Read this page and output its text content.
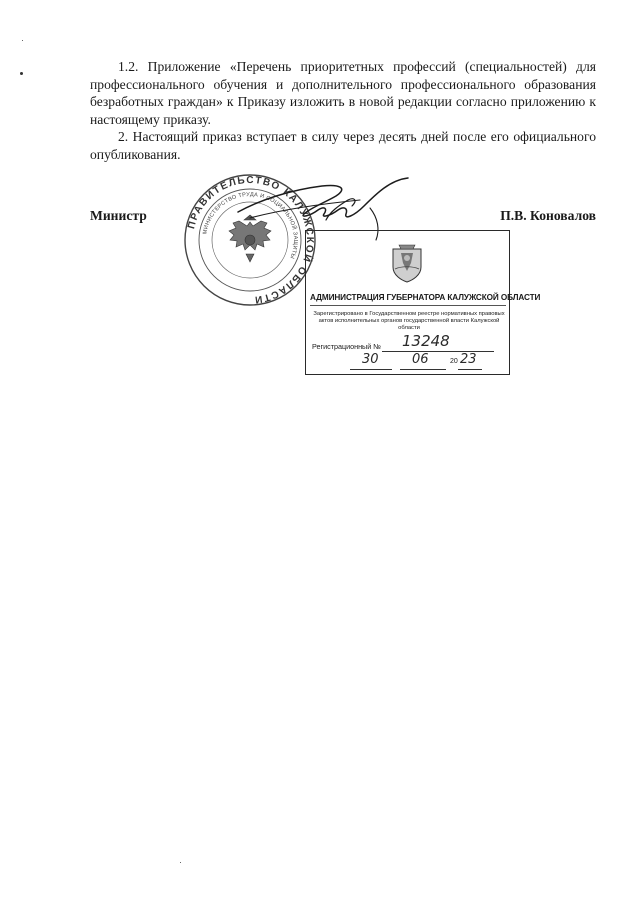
1.2. Приложение «Перечень приоритетных профессий (специальностей) для профессионального обучения и дополнительного профессионального образования безработных граждан» к Приказу изложить в новой редакции согласно приложению к настоящему приказу.

2. Настоящий приказ вступает в силу через десять дней после его официального опубликования.

ПРАВИТЕЛЬСТВО КАЛУЖСКОЙ ОБЛАСТИ
МИНИСТЕРСТВО ТРУДА И СОЦИАЛЬНОЙ ЗАЩИТЫ
Министр	П.В. Коновалов
АДМИНИСТРАЦИЯ ГУБЕРНАТОРА КАЛУЖСКОЙ ОБЛАСТИ
Зарегистрировано в Государственном реестре нормативных правовых актов исполнительных органов государственной власти Калужской области
Регистрационный № 13248
30	06	20 23
